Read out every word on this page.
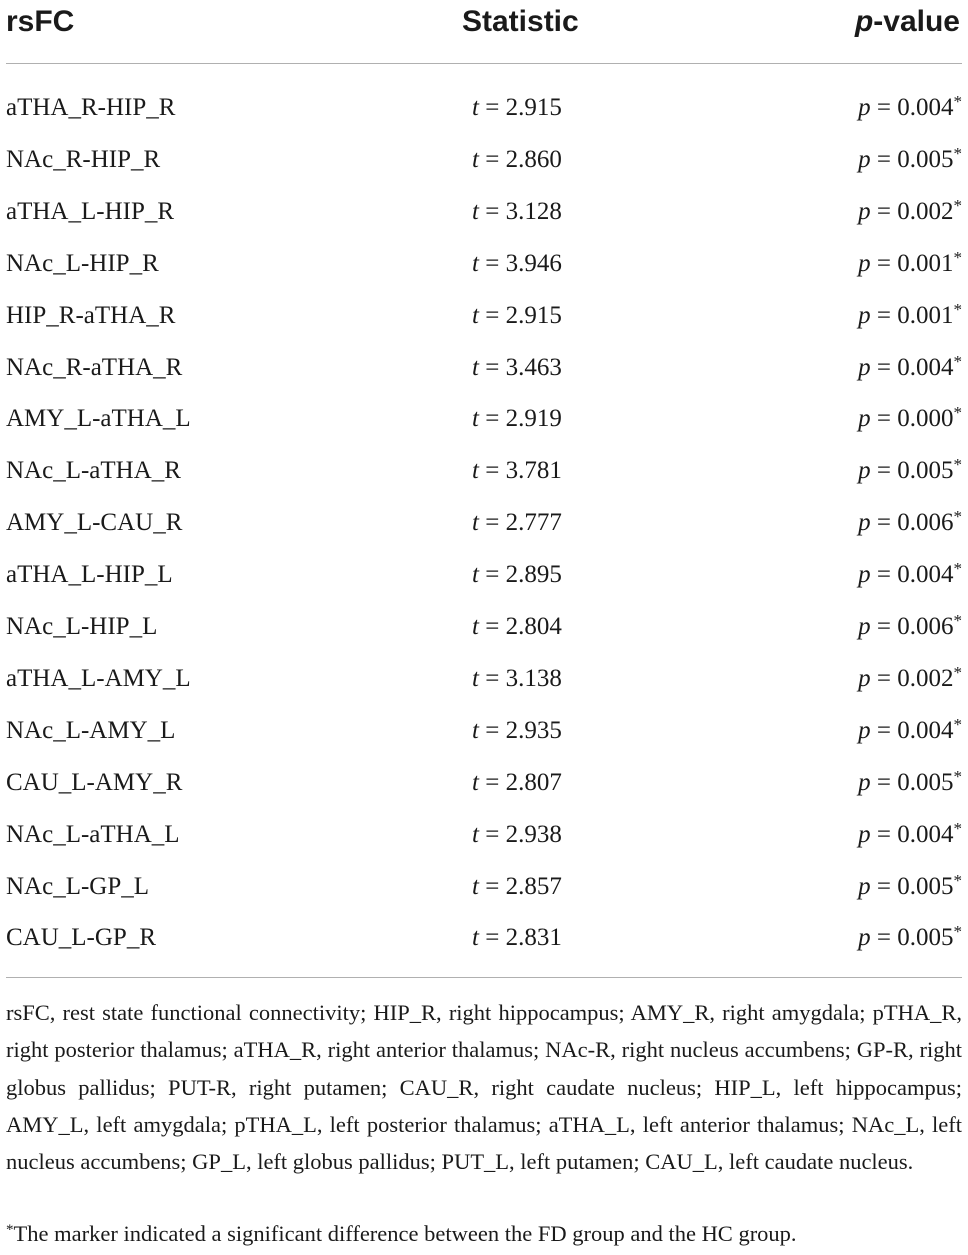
rsFC	Statistic	p-value
aTHA_R-HIP_R	t = 2.915	p = 0.004*
NAc_R-HIP_R	t = 2.860	p = 0.005*
aTHA_L-HIP_R	t = 3.128	p = 0.002*
NAc_L-HIP_R	t = 3.946	p = 0.001*
HIP_R-aTHA_R	t = 2.915	p = 0.001*
NAc_R-aTHA_R	t = 3.463	p = 0.004*
AMY_L-aTHA_L	t = 2.919	p = 0.000*
NAc_L-aTHA_R	t = 3.781	p = 0.005*
AMY_L-CAU_R	t = 2.777	p = 0.006*
aTHA_L-HIP_L	t = 2.895	p = 0.004*
NAc_L-HIP_L	t = 2.804	p = 0.006*
aTHA_L-AMY_L	t = 3.138	p = 0.002*
NAc_L-AMY_L	t = 2.935	p = 0.004*
CAU_L-AMY_R	t = 2.807	p = 0.005*
NAc_L-aTHA_L	t = 2.938	p = 0.004*
NAc_L-GP_L	t = 2.857	p = 0.005*
CAU_L-GP_R	t = 2.831	p = 0.005*
rsFC, rest state functional connectivity; HIP_R, right hippocampus; AMY_R, right amygdala; pTHA_R, right posterior thalamus; aTHA_R, right anterior thalamus; NAc-R, right nucleus accumbens; GP-R, right globus pallidus; PUT-R, right putamen; CAU_R, right caudate nucleus; HIP_L, left hippocampus; AMY_L, left amygdala; pTHA_L, left posterior thalamus; aTHA_L, left anterior thalamus; NAc_L, left nucleus accumbens; GP_L, left globus pallidus; PUT_L, left putamen; CAU_L, left caudate nucleus.
*The marker indicated a significant difference between the FD group and the HC group.
